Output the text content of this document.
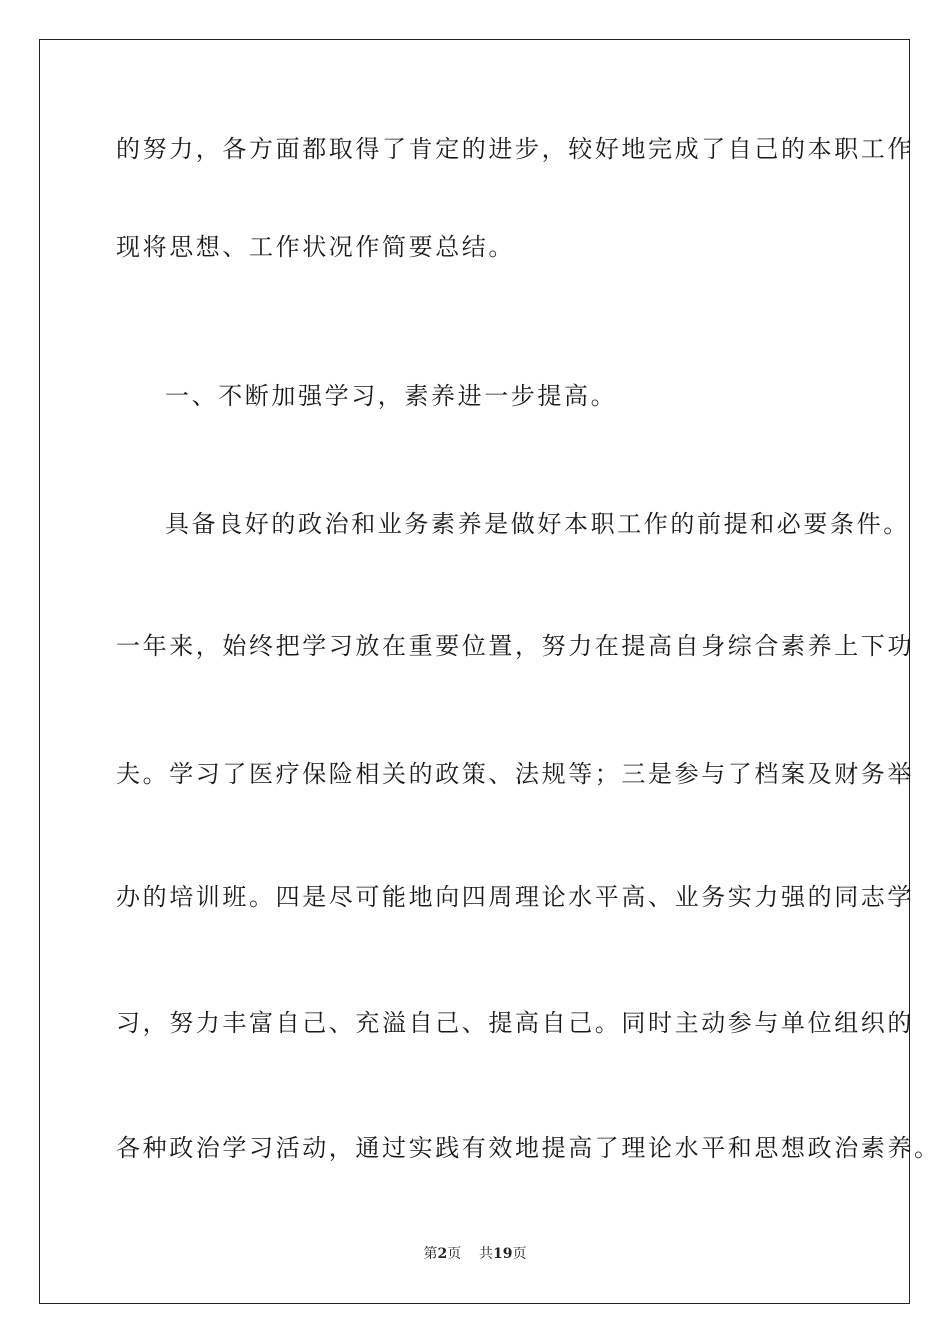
的努力，各方面都取得了肯定的进步，较好地完成了自己的本职工作
现将思想、工作状况作简要总结。
一、不断加强学习，素养进一步提高。
具备良好的政治和业务素养是做好本职工作的前提和必要条件。
一年来，始终把学习放在重要位置，努力在提高自身综合素养上下功
夫。学习了医疗保险相关的政策、法规等；三是参与了档案及财务举
办的培训班。四是尽可能地向四周理论水平高、业务实力强的同志学
习，努力丰富自己、充溢自己、提高自己。同时主动参与单位组织的
各种政治学习活动，通过实践有效地提高了理论水平和思想政治素养。
第2页 共19页
